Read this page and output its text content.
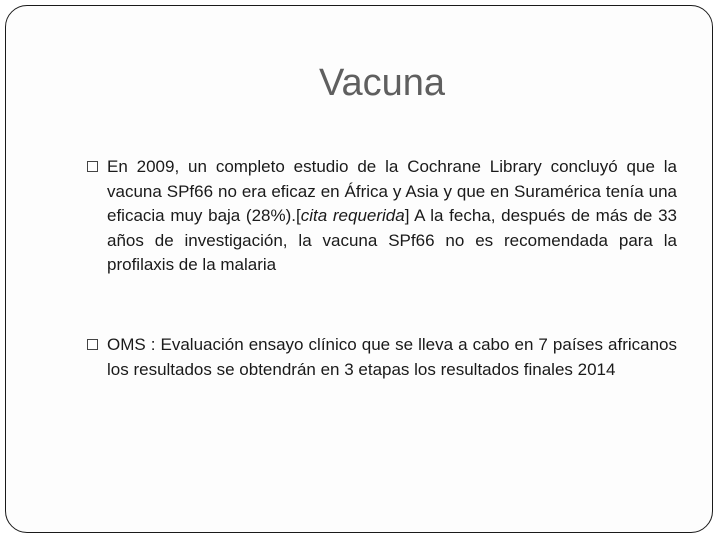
Vacuna
En 2009, un completo estudio de la Cochrane Library concluyó que la vacuna SPf66 no era eficaz en África y Asia y que en Suramérica tenía una eficacia muy baja (28%).[cita requerida] A la fecha, después de más de 33 años de investigación, la vacuna SPf66 no es recomendada para la profilaxis de la malaria
OMS : Evaluación ensayo clínico que se lleva a cabo en 7 países africanos los resultados se obtendrán en 3 etapas los resultados finales 2014
